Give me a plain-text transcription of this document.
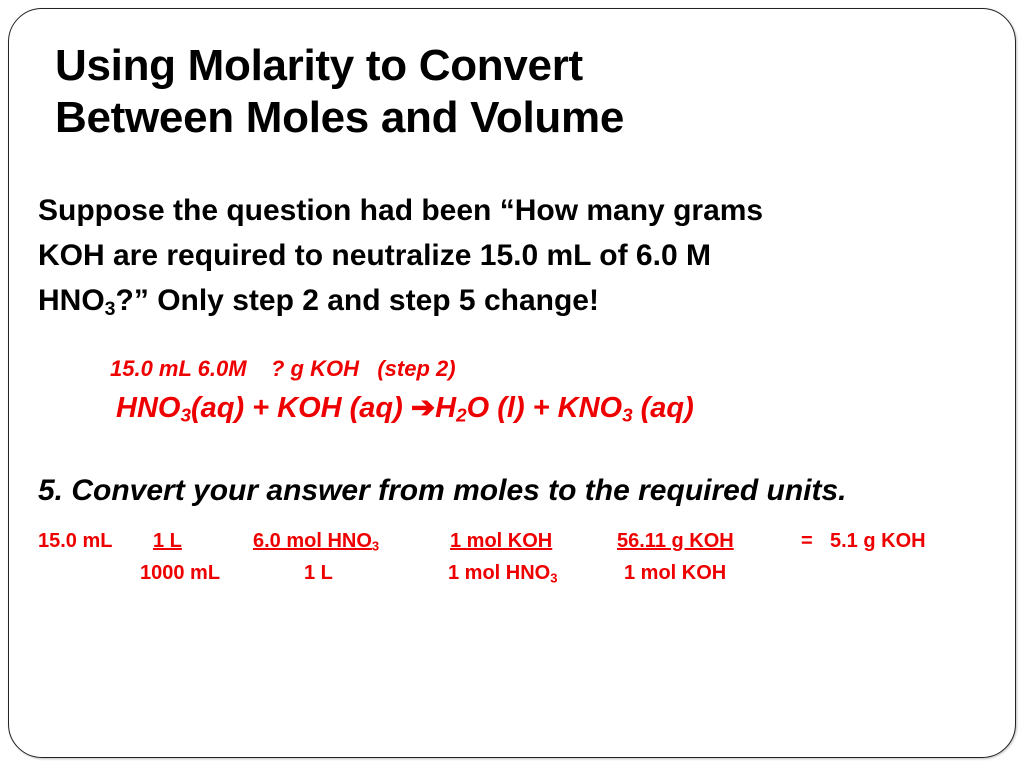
Using Molarity to Convert
Between Moles and Volume
Suppose the question had been “How many grams
KOH are required to neutralize 15.0 mL of 6.0 M
$HNO_3$?” Only step 2 and step 5 change!
15.0 mL 6.0M    ? g KOH   (step 2)
$HNO_3(aq)$ + KOH (aq) $➔H_2O$ $(l) + KNO_3$ (aq)
5. Convert your answer from moles to the required units.
15.0 mL 1 L
1000 mL
6.0 mol $HNO_3$
1 L
1 mol KOH
1 mol $HNO_3$
56.11 g KOH
1 mol KOH
= 5.1 g KOH
